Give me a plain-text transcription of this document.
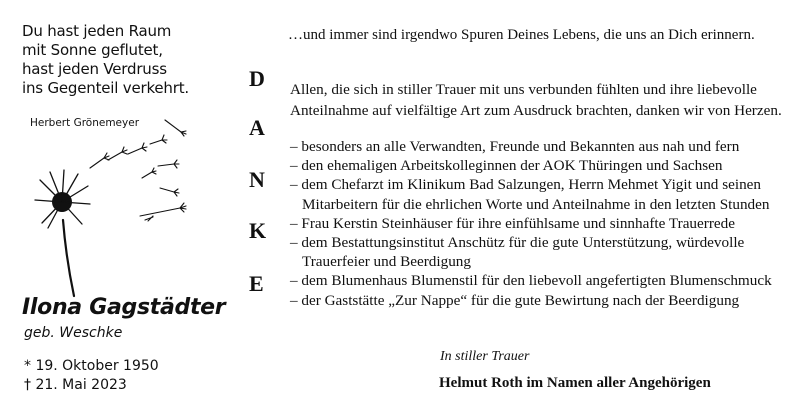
Du hast jeden Raum
mit Sonne geflutet,
hast jeden Verdruss
ins Gegenteil verkehrt.
Herbert Grönemeyer
Ilona Gagstädter
geb. Weschke
* 19. Oktober 1950
† 21. Mai 2023
…und immer sind irgendwo Spuren Deines Lebens, die uns an Dich erinnern.
D
A
N
K
E
Allen, die sich in stiller Trauer mit uns verbunden fühlten und ihre liebevolle
Anteilnahme auf vielfältige Art zum Ausdruck brachten, danken wir von Herzen.
– besonders an alle Verwandten, Freunde und Bekannten aus nah und fern
– den ehemaligen Arbeitskolleginnen der AOK Thüringen und Sachsen
– dem Chefarzt im Klinikum Bad Salzungen, Herrn Mehmet Yigit und seinen
Mitarbeitern für die ehrlichen Worte und Anteilnahme in den letzten Stunden
– Frau Kerstin Steinhäuser für ihre einfühlsame und sinnhafte Trauerrede
– dem Bestattungsinstitut Anschütz für die gute Unterstützung, würdevolle
Trauerfeier und Beerdigung
– dem Blumenhaus Blumenstil für den liebevoll angefertigten Blumenschmuck
– der Gaststätte „Zur Nappe“ für die gute Bewirtung nach der Beerdigung
In stiller Trauer
Helmut Roth im Namen aller Angehörigen
